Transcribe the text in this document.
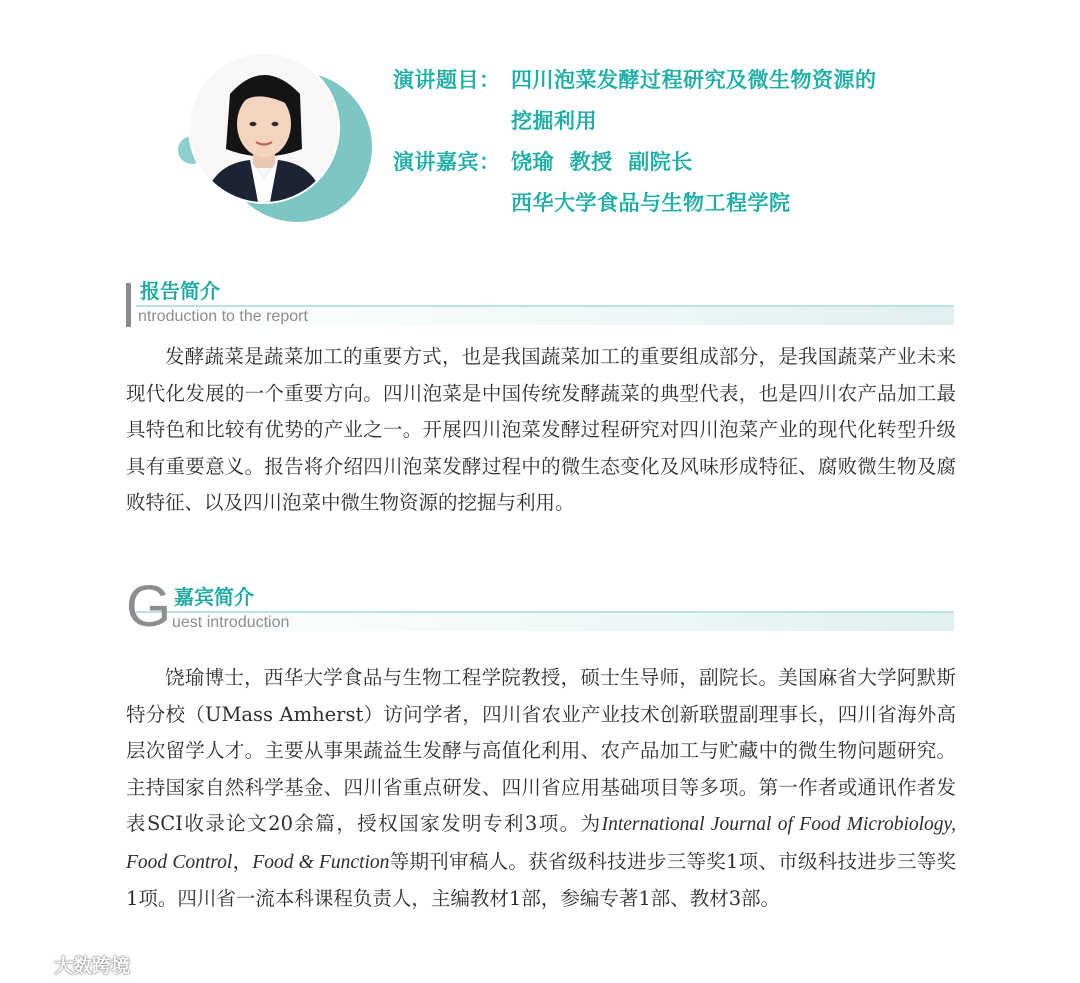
演讲题目： 四川泡菜发酵过程研究及微生物资源的
挖掘利用
演讲嘉宾： 饶瑜  教授  副院长
西华大学食品与生物工程学院
报告简介
ntroduction to the report

发酵蔬菜是蔬菜加工的重要方式，也是我国蔬菜加工的重要组成部分，是我国蔬菜产业未来现代化发展的一个重要方向。四川泡菜是中国传统发酵蔬菜的典型代表，也是四川农产品加工最具特色和比较有优势的产业之一。开展四川泡菜发酵过程研究对四川泡菜产业的现代化转型升级具有重要意义。报告将介绍四川泡菜发酵过程中的微生态变化及风味形成特征、腐败微生物及腐败特征、以及四川泡菜中微生物资源的挖掘与利用。

G 嘉宾简介
uest introduction

饶瑜博士，西华大学食品与生物工程学院教授，硕士生导师，副院长。美国麻省大学阿默斯特分校（UMass Amherst）访问学者，四川省农业产业技术创新联盟副理事长，四川省海外高层次留学人才。主要从事果蔬益生发酵与高值化利用、农产品加工与贮藏中的微生物问题研究。主持国家自然科学基金、四川省重点研发、四川省应用基础项目等多项。第一作者或通讯作者发表SCI收录论文20余篇，授权国家发明专利3项。为International Journal of Food Microbiology, Food Control，Food & Function等期刊审稿人。获省级科技进步三等奖1项、市级科技进步三等奖1项。四川省一流本科课程负责人，主编教材1部，参编专著1部、教材3部。

大数跨境
